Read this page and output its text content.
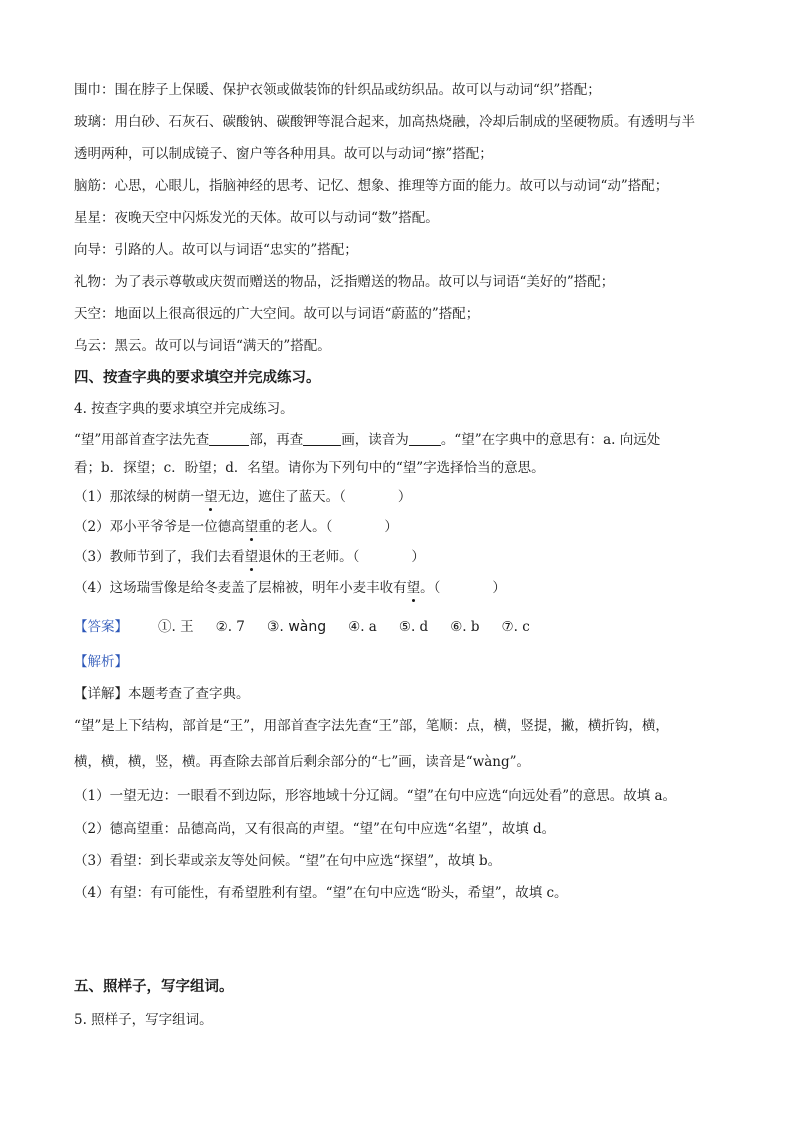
围巾：围在脖子上保暖、保护衣领或做装饰的针织品或纺织品。故可以与动词“织”搭配；
玻璃：用白砂、石灰石、碳酸钠、碳酸钾等混合起来，加高热烧融，冷却后制成的坚硬物质。有透明与半
透明两种，可以制成镜子、窗户等各种用具。故可以与动词“擦”搭配；
脑筋：心思，心眼儿，指脑神经的思考、记忆、想象、推理等方面的能力。故可以与动词“动”搭配；
星星：夜晚天空中闪烁发光的天体。故可以与动词“数”搭配。
向导：引路的人。故可以与词语“忠实的”搭配；
礼物：为了表示尊敬或庆贺而赠送的物品，泛指赠送的物品。故可以与词语“美好的”搭配；
天空：地面以上很高很远的广大空间。故可以与词语“蔚蓝的”搭配；
乌云：黑云。故可以与词语“满天的”搭配。
四、按查字典的要求填空并完成练习。
4. 按查字典的要求填空并完成练习。
“望”用部首查字法先查	部，再查	画，读音为 。“望”在字典中的意思有：a. 向远处
看；b．探望；c．盼望；d．名望。请你为下列句中的“望”字选择恰当的意思。
（1）那浓绿的树荫一望无边，遮住了蓝天。（	）
（2）邓小平爷爷是一位德高望重的老人。（	）
（3）教师节到了，我们去看望退休的王老师。（	）
（4）这场瑞雪像是给冬麦盖了层棉被，明年小麦丰收有望。（	）
【答案】 ①. 王 ②. 7 ③. wàng ④. a ⑤. d ⑥. b ⑦. c
【解析】
【详解】本题考查了查字典。
“望”是上下结构，部首是“王”，用部首查字法先查“王”部，笔顺：点，横，竖提，撇，横折钩，横，
横，横，横，竖，横。再查除去部首后剩余部分的“七”画，读音是“wàng”。
（1）一望无边：一眼看不到边际，形容地域十分辽阔。“望”在句中应选“向远处看”的意思。故填 a。
（2）德高望重：品德高尚，又有很高的声望。“望”在句中应选“名望”，故填 d。
（3）看望：到长辈或亲友等处问候。“望”在句中应选“探望”，故填 b。
（4）有望：有可能性，有希望胜利有望。“望”在句中应选“盼头，希望”，故填 c。
五、照样子，写字组词。
5. 照样子，写字组词。
